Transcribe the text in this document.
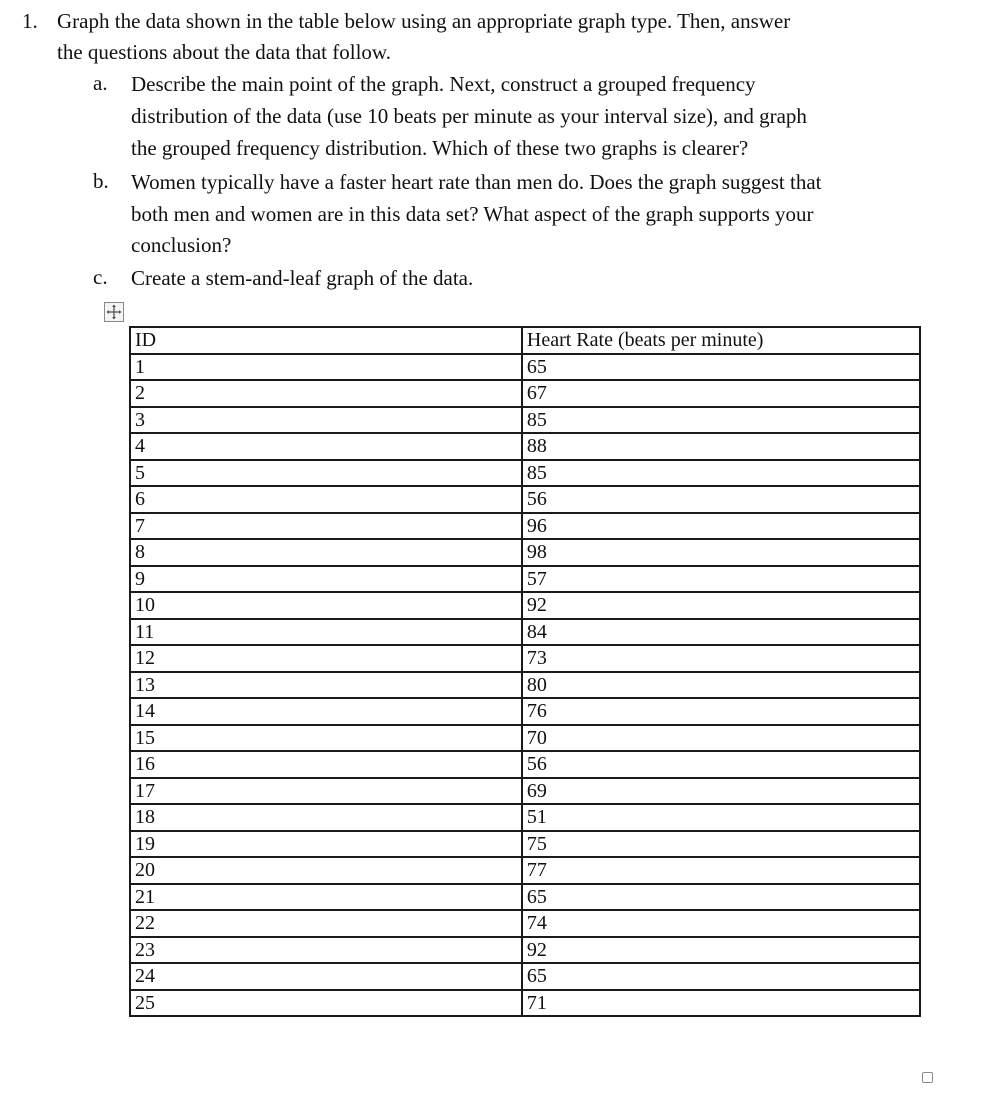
1. Graph the data shown in the table below using an appropriate graph type. Then, answer
the questions about the data that follow.
a. Describe the main point of the graph. Next, construct a grouped frequency
distribution of the data (use 10 beats per minute as your interval size), and graph
the grouped frequency distribution. Which of these two graphs is clearer?
b. Women typically have a faster heart rate than men do. Does the graph suggest that
both men and women are in this data set? What aspect of the graph supports your
conclusion?
c. Create a stem-and-leaf graph of the data.
ID	Heart Rate (beats per minute)
1	65
2	67
3	85
4	88
5	85
6	56
7	96
8	98
9	57
10	92
11	84
12	73
13	80
14	76
15	70
16	56
17	69
18	51
19	75
20	77
21	65
22	74
23	92
24	65
25	71
